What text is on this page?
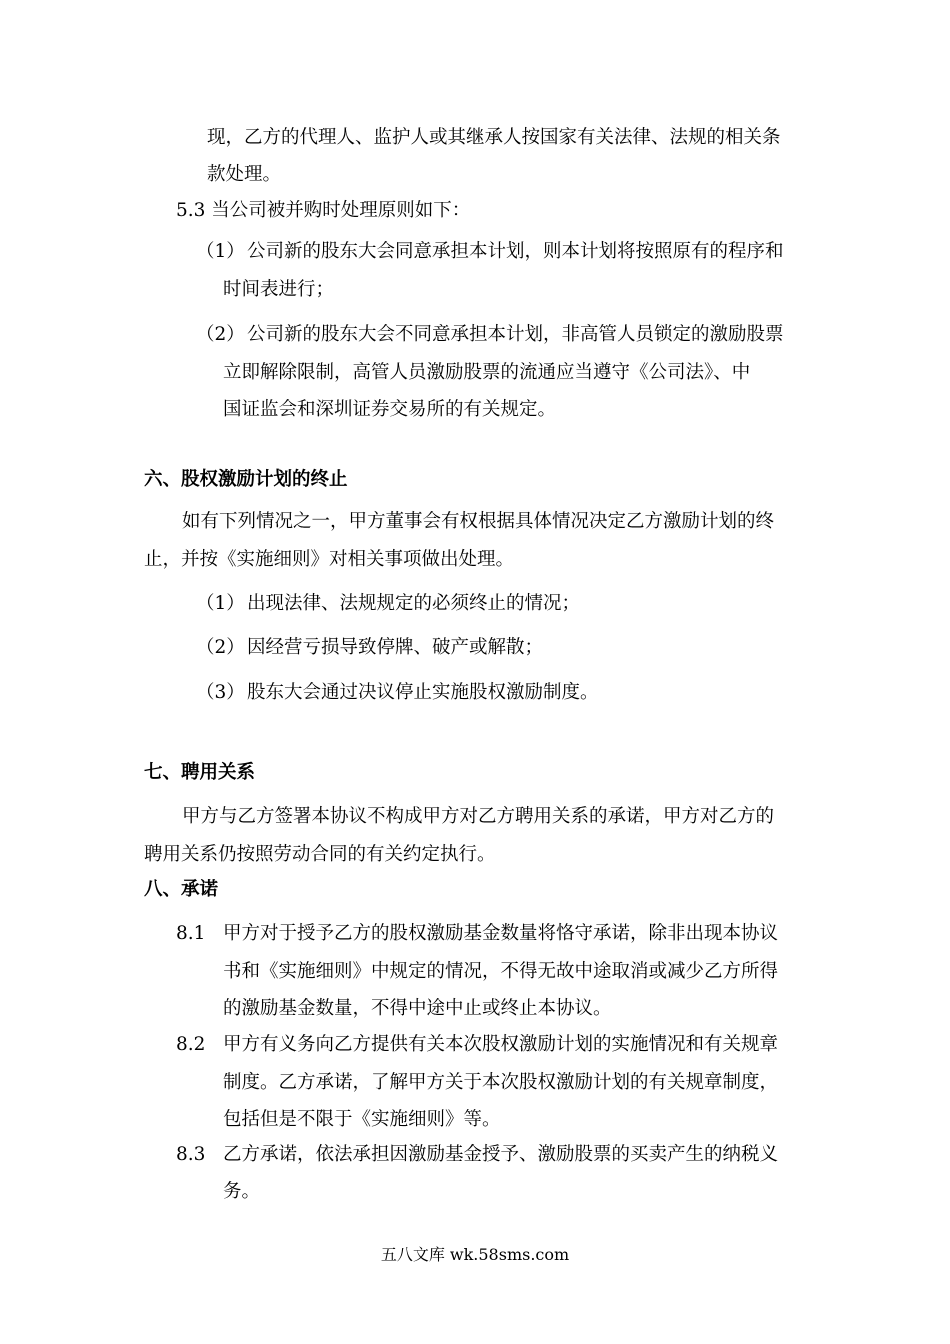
现，乙方的代理人、监护人或其继承人按国家有关法律、法规的相关条
款处理。
5.3 当公司被并购时处理原则如下：
（1） 公司新的股东大会同意承担本计划，则本计划将按照原有的程序和
时间表进行；
（2） 公司新的股东大会不同意承担本计划，非高管人员锁定的激励股票
立即解除限制，高管人员激励股票的流通应当遵守《公司法》、中
国证监会和深圳证券交易所的有关规定。
六、股权激励计划的终止
如有下列情况之一，甲方董事会有权根据具体情况决定乙方激励计划的终
止，并按《实施细则》对相关事项做出处理。
（1） 出现法律、法规规定的必须终止的情况；
（2） 因经营亏损导致停牌、破产或解散；
（3） 股东大会通过决议停止实施股权激励制度。
七、聘用关系
甲方与乙方签署本协议不构成甲方对乙方聘用关系的承诺，甲方对乙方的
聘用关系仍按照劳动合同的有关约定执行。
八、承诺
8.1 甲方对于授予乙方的股权激励基金数量将恪守承诺，除非出现本协议
书和《实施细则》中规定的情况，不得无故中途取消或减少乙方所得
的激励基金数量，不得中途中止或终止本协议。
8.2 甲方有义务向乙方提供有关本次股权激励计划的实施情况和有关规章
制度。乙方承诺，了解甲方关于本次股权激励计划的有关规章制度，
包括但是不限于《实施细则》等。
8.3 乙方承诺，依法承担因激励基金授予、激励股票的买卖产生的纳税义
务。
五八文库 wk.58sms.com
